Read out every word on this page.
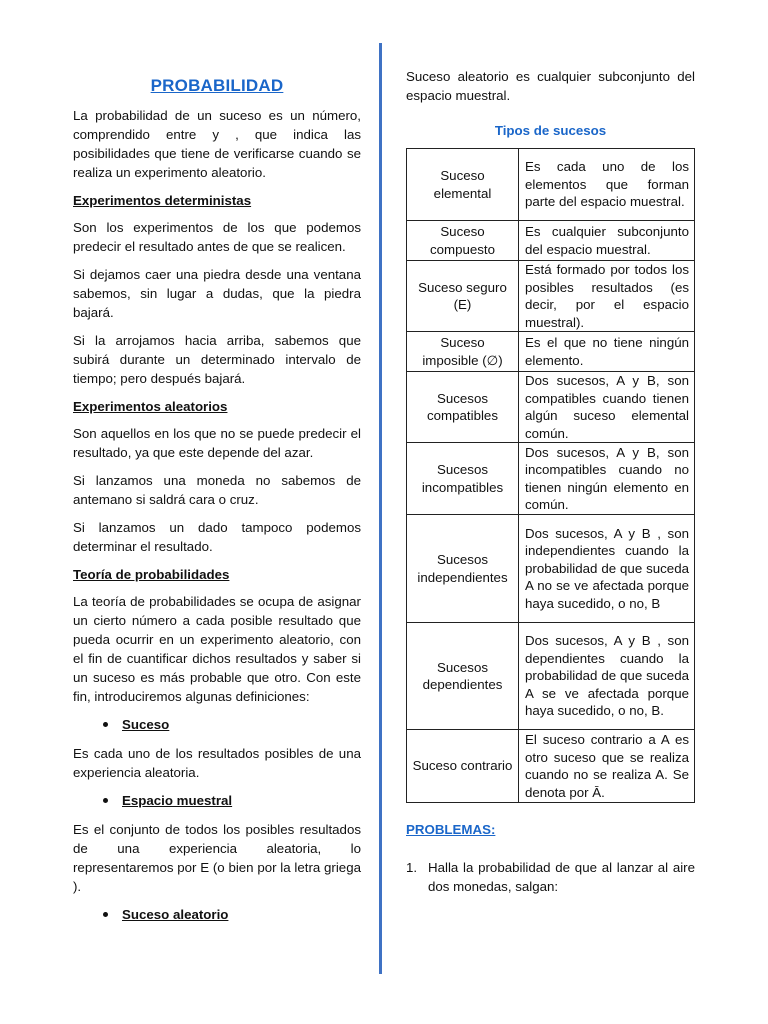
PROBABILIDAD

La probabilidad de un suceso es un número, comprendido entre y , que indica las posibilidades que tiene de verificarse cuando se realiza un experimento aleatorio.

Experimentos deterministas

Son los experimentos de los que podemos predecir el resultado antes de que se realicen.

Si dejamos caer una piedra desde una ventana sabemos, sin lugar a dudas, que la piedra bajará.

Si la arrojamos hacia arriba, sabemos que subirá durante un determinado intervalo de tiempo; pero después bajará.

Experimentos aleatorios

Son aquellos en los que no se puede predecir el resultado, ya que este depende del azar.

Si lanzamos una moneda no sabemos de antemano si saldrá cara o cruz.

Si lanzamos un dado tampoco podemos determinar el resultado.

Teoría de probabilidades

La teoría de probabilidades se ocupa de asignar un cierto número a cada posible resultado que pueda ocurrir en un experimento aleatorio, con el fin de cuantificar dichos resultados y saber si un suceso es más probable que otro. Con este fin, introduciremos algunas definiciones:

Suceso

Es cada uno de los resultados posibles de una experiencia aleatoria.

Espacio muestral

Es el conjunto de todos los posibles resultados de una experiencia aleatoria, lo representaremos por E (o bien por la letra griega ).

Suceso aleatorio

Suceso aleatorio es cualquier subconjunto del espacio muestral.

Tipos de sucesos
Suceso elemental	Es cada uno de los elementos que forman parte del espacio muestral.
Suceso compuesto	Es cualquier subconjunto del espacio muestral.
Suceso seguro (E)	Está formado por todos los posibles resultados (es decir, por el espacio muestral).
Suceso imposible (∅)	Es el que no tiene ningún elemento.
Sucesos compatibles	Dos sucesos, A y B, son compatibles cuando tienen algún suceso elemental común.
Sucesos incompatibles	Dos sucesos, A y B, son incompatibles cuando no tienen ningún elemento en común.
Sucesos independientes	Dos sucesos, A y B , son independientes cuando la probabilidad de que suceda A no se ve afectada porque haya sucedido, o no, B
Sucesos dependientes	Dos sucesos, A y B , son dependientes cuando la probabilidad de que suceda A se ve afectada porque haya sucedido, o no, B.
Suceso contrario	El suceso contrario a A es otro suceso que se realiza cuando no se realiza A. Se denota por Ā.
PROBLEMAS:
1. Halla la probabilidad de que al lanzar al aire dos monedas, salgan:
